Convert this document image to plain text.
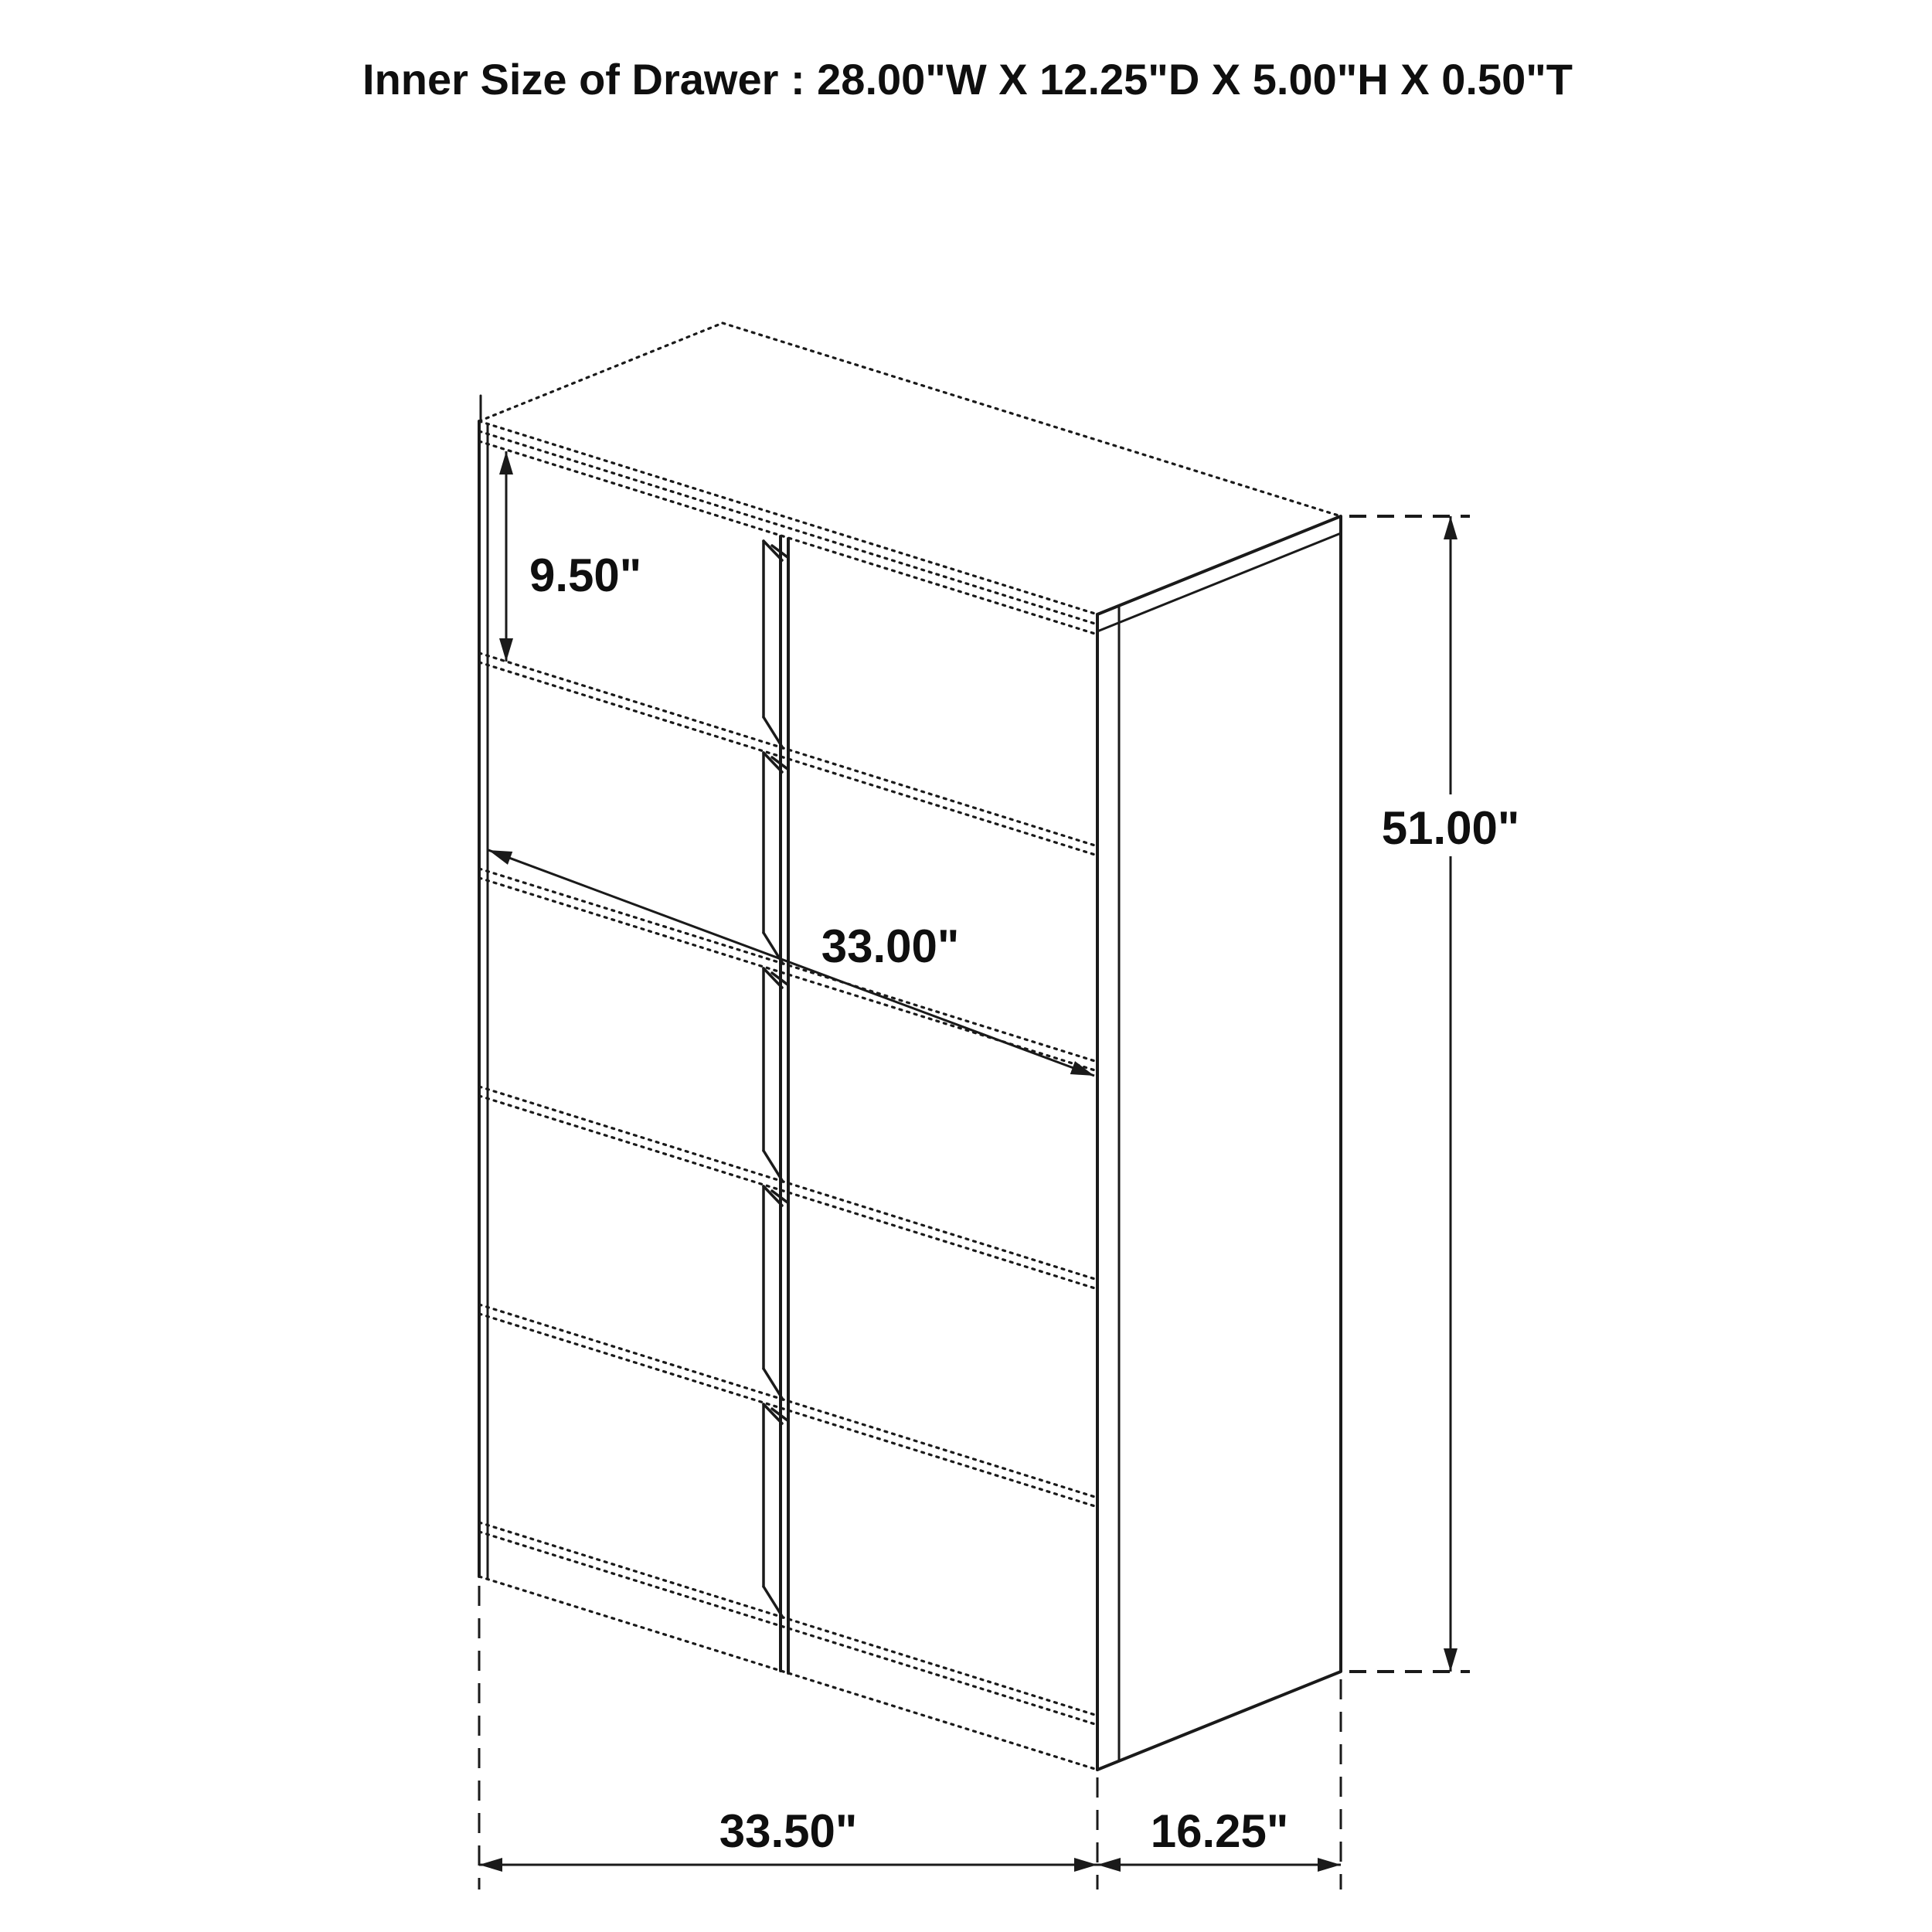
Inner Size of Drawer : 28.00"W X 12.25"D X 5.00"H X 0.50"T
9.50"
33.00"
51.00"
33.50"	16.25"
